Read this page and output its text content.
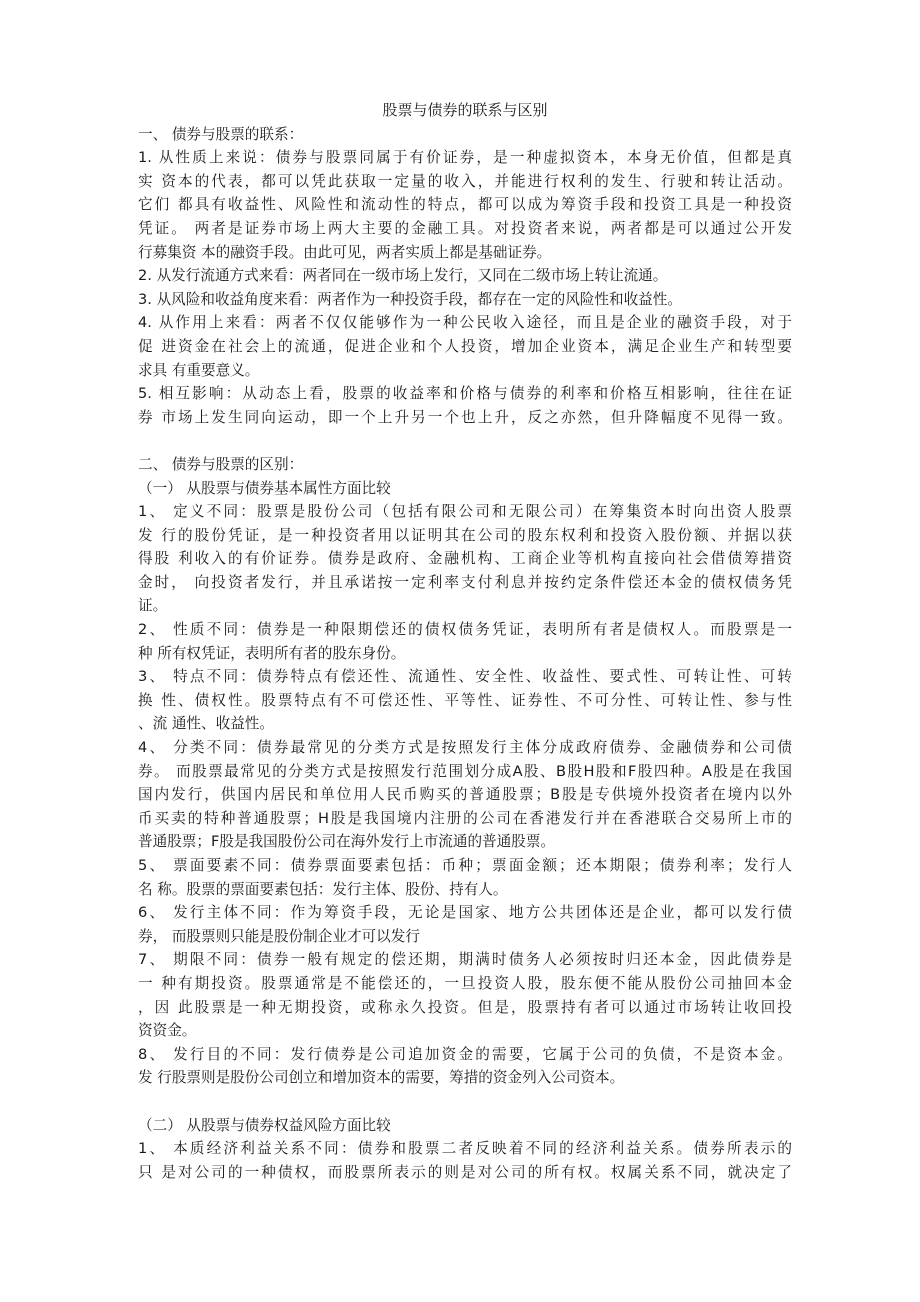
股票与债券的联系与区别
一、 债券与股票的联系：
1. 从性质上来说：债券与股票同属于有价证券，是一种虚拟资本，本身无价值，但都是真
实 资本的代表，都可以凭此获取一定量的收入，并能进行权利的发生、行驶和转让活动。
它们 都具有收益性、风险性和流动性的特点，都可以成为筹资手段和投资工具是一种投资
凭证。 两者是证券市场上两大主要的金融工具。对投资者来说，两者都是可以通过公开发
行募集资 本的融资手段。由此可见，两者实质上都是基础证券。
2. 从发行流通方式来看：两者同在一级市场上发行，又同在二级市场上转让流通。
3. 从风险和收益角度来看：两者作为一种投资手段，都存在一定的风险性和收益性。
4. 从作用上来看：两者不仅仅能够作为一种公民收入途径，而且是企业的融资手段，对于
促 进资金在社会上的流通，促进企业和个人投资，增加企业资本，满足企业生产和转型要
求具 有重要意义。
5. 相互影响：从动态上看，股票的收益率和价格与债券的利率和价格互相影响，往往在证
券 市场上发生同向运动，即一个上升另一个也上升，反之亦然，但升降幅度不见得一致。
二、 债券与股票的区别：
（一） 从股票与债券基本属性方面比较
1、 定义不同：股票是股份公司（包括有限公司和无限公司）在筹集资本时向出资人股票
发 行的股份凭证，是一种投资者用以证明其在公司的股东权利和投资入股份额、并据以获
得股 利收入的有价证券。债券是政府、金融机构、工商企业等机构直接向社会借债筹措资
金时， 向投资者发行，并且承诺按一定利率支付利息并按约定条件偿还本金的债权债务凭
证。
2、 性质不同：债券是一种限期偿还的债权债务凭证，表明所有者是债权人。而股票是一
种 所有权凭证，表明所有者的股东身份。
3、 特点不同：债券特点有偿还性、流通性、安全性、收益性、要式性、可转让性、可转
换 性、债权性。股票特点有不可偿还性、平等性、证券性、不可分性、可转让性、参与性
、流 通性、收益性。
4、 分类不同：债券最常见的分类方式是按照发行主体分成政府债券、金融债券和公司债
券。 而股票最常见的分类方式是按照发行范围划分成A股、B股H股和F股四种。A股是在我国
国内发行，供国内居民和单位用人民币购买的普通股票；B股是专供境外投资者在境内以外
币买卖的特种普通股票；H股是我国境内注册的公司在香港发行并在香港联合交易所上市的
普通股票；F股是我国股份公司在海外发行上市流通的普通股票。
5、 票面要素不同：债券票面要素包括：币种；票面金额；还本期限；债券利率；发行人
名 称。股票的票面要素包括：发行主体、股份、持有人。
6、 发行主体不同：作为筹资手段，无论是国家、地方公共团体还是企业，都可以发行债
券， 而股票则只能是股份制企业才可以发行
7、 期限不同：债券一般有规定的偿还期，期满时债务人必须按时归还本金，因此债券是
一 种有期投资。股票通常是不能偿还的，一旦投资人股，股东便不能从股份公司抽回本金
，因 此股票是一种无期投资，或称永久投资。但是，股票持有者可以通过市场转让收回投
资资金。
8、 发行目的不同：发行债券是公司追加资金的需要，它属于公司的负债，不是资本金。
发 行股票则是股份公司创立和增加资本的需要，筹措的资金列入公司资本。
（二） 从股票与债券权益风险方面比较
1、 本质经济利益关系不同：债券和股票二者反映着不同的经济利益关系。债券所表示的
只 是对公司的一种债权，而股票所表示的则是对公司的所有权。权属关系不同，就决定了
